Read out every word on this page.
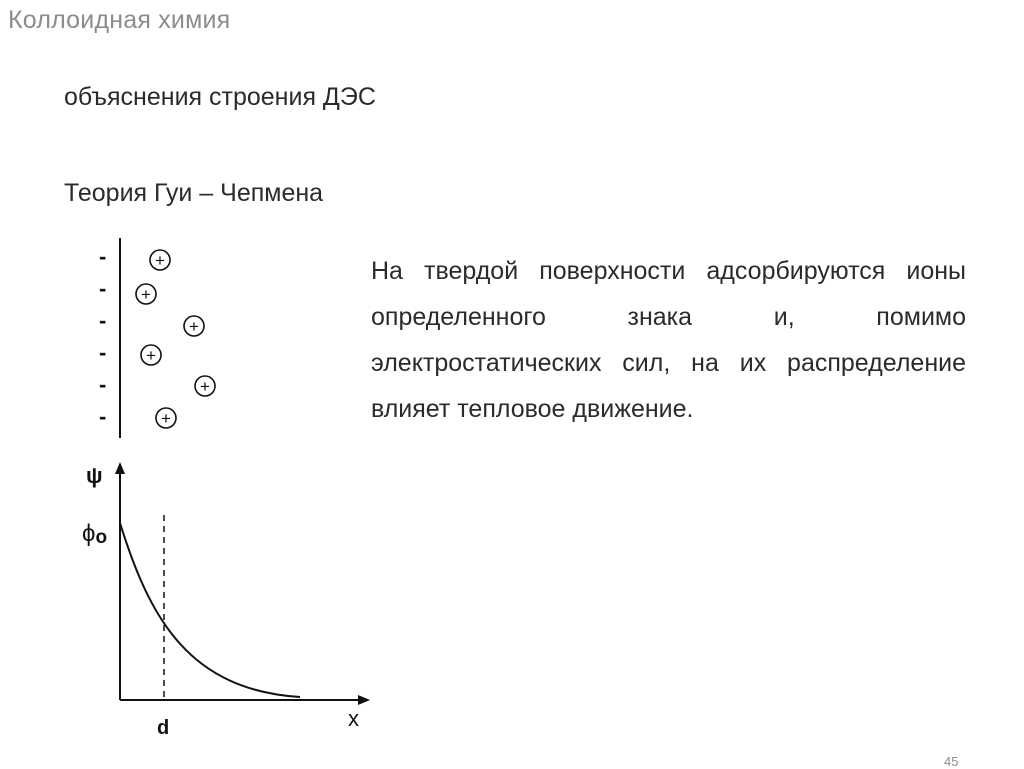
Коллоидная химия
объяснения строения ДЭС
Теория Гуи – Чепмена
На твердой поверхности адсорбируются ионы определенного знака и, помимо электростатических сил, на их распределение влияет тепловое движение.
-
-
-
-
-
-
+
+
+
+
+
+
ψ
ϕo
x
d
45
